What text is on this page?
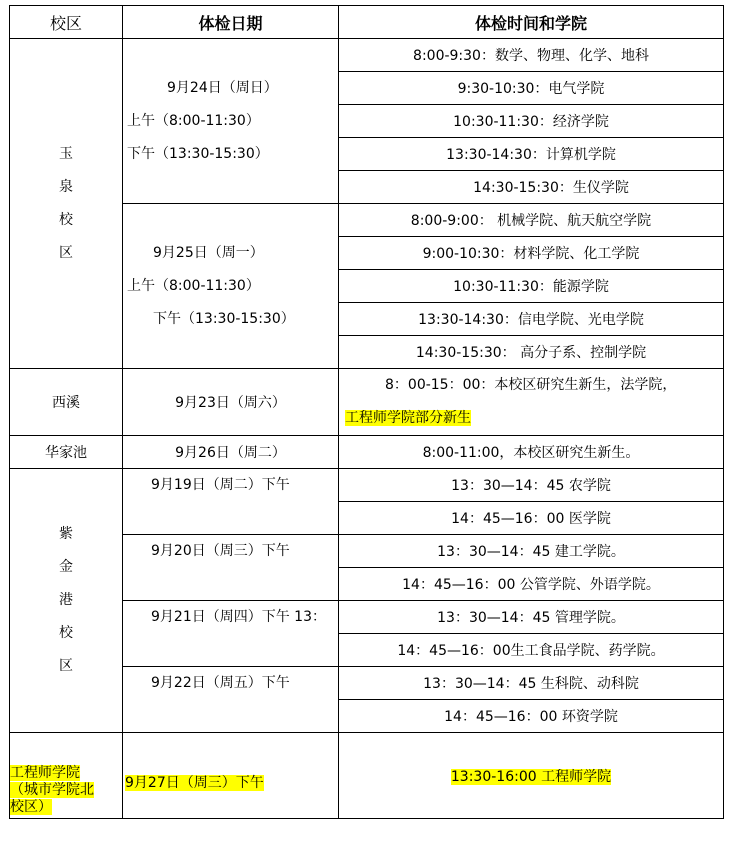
校区	体检日期	体检时间和学院
玉泉校区	9月24日（周日）
上午（8:00-11:30）
下午（13:30-15:30）	8:00-9:30：数学、物理、化学、地科
		9:30-10:30：电气学院
		10:30-11:30：经济学院
		13:30-14:30：计算机学院
		14:30-15:30：生仪学院

	9月25日（周一）
上午（8:00-11:30）
下午（13:30-15:30）	8:00-9:00： 机械学院、航天航空学院
		9:00-10:30：材料学院、化工学院
		10:30-11:30：能源学院
		13:30-14:30：信电学院、光电学院
		14:30-15:30： 高分子系、控制学院
西溪	9月23日（周六）	8：00-15：00：本校区研究生新生，法学院，
工程师学院部分新生

华家池	9月26日（周二）	8:00-11:00，本校区研究生新生。
紫金港校区	9月19日（周二）下午	13：30—14：45 农学院
		14：45—16：00 医学院
	9月20日（周三）下午	13：30—14：45 建工学院。
		14：45—16：00 公管学院、外语学院。
	9月21日（周四）下午 13：	13：30—14：45 管理学院。
		14：45—16：00生工食品学院、药学院。
	9月22日（周五）下午	13：30—14：45 生科院、动科院
		14：45—16：00 环资学院
工程师学院
（城市学院北
校区）	9月27日（周三）下午	13:30-16:00 工程师学院
